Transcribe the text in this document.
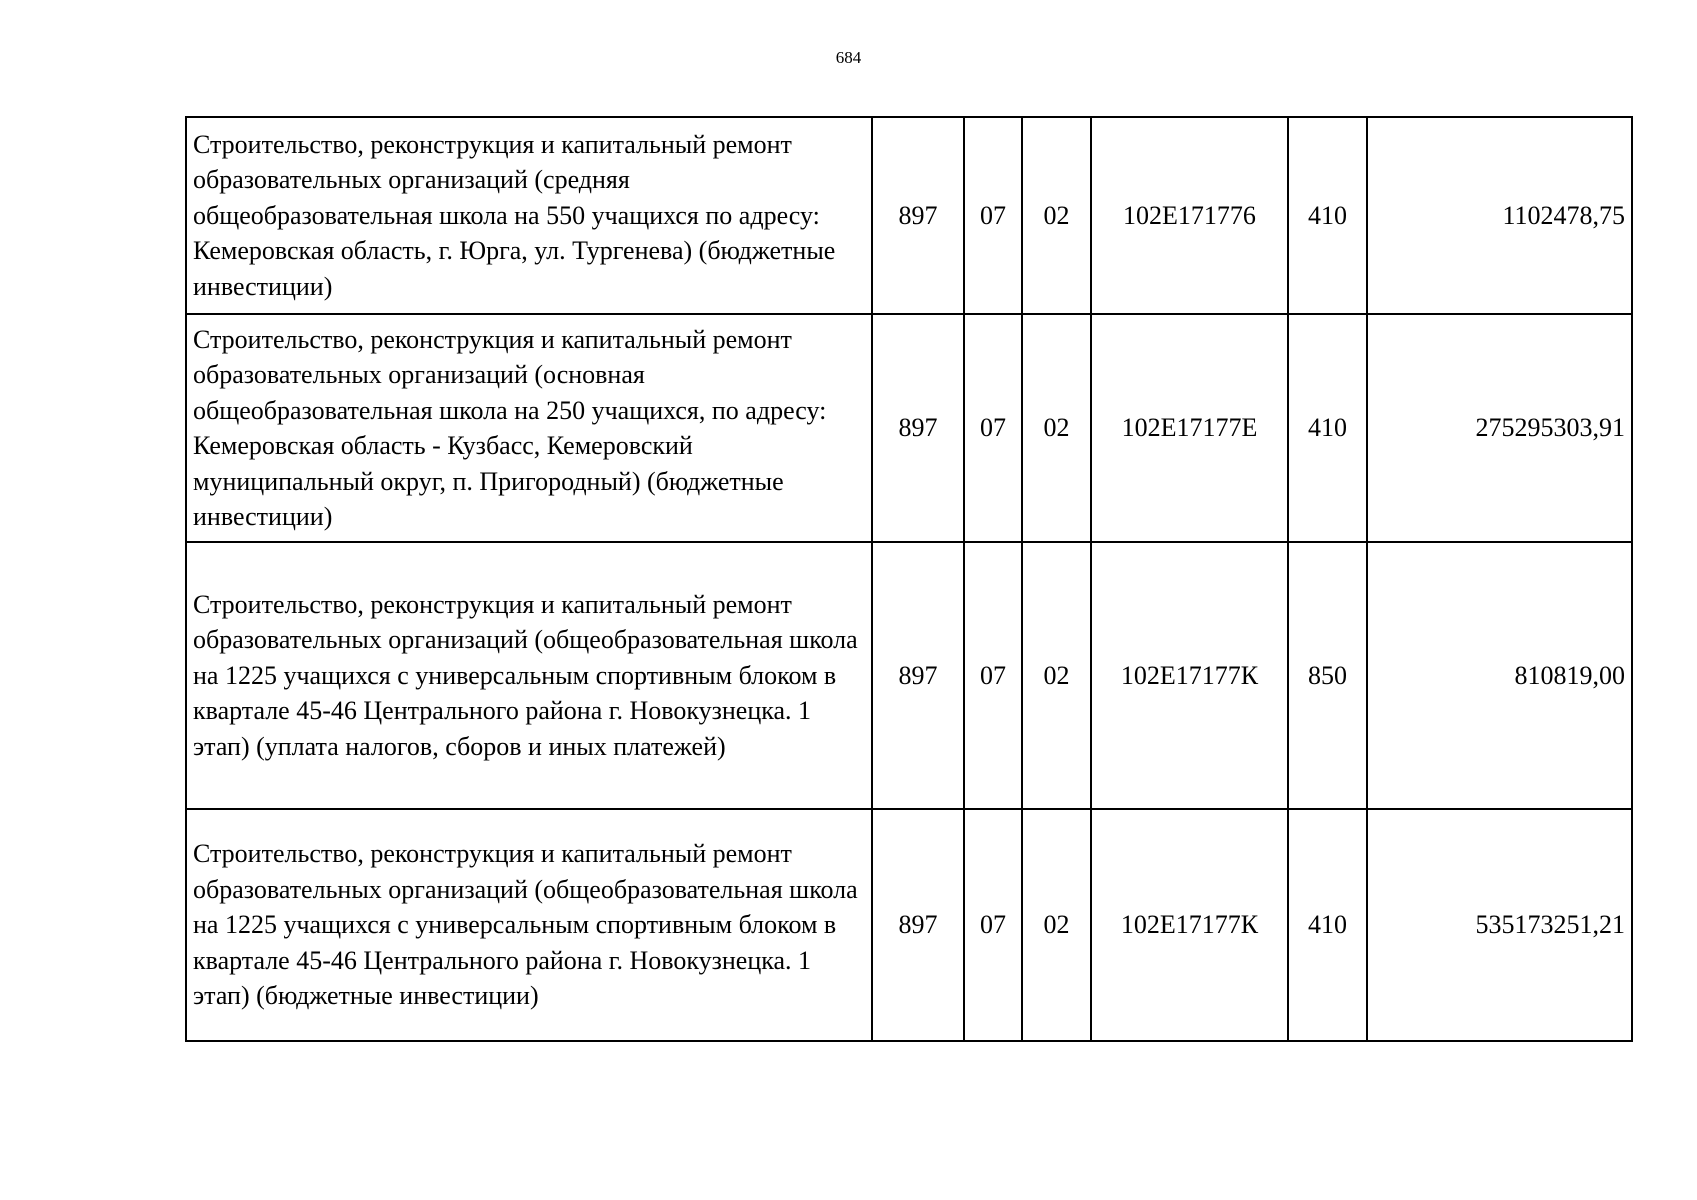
684
Строительство, реконструкция и капитальный ремонт образовательных организаций (средняя общеобразовательная школа на 550 учащихся по адресу: Кемеровская область, г. Юрга, ул. Тургенева) (бюджетные инвестиции)	897	07	02	102E171776	410	1102478,75
Строительство, реконструкция и капитальный ремонт образовательных организаций (основная общеобразовательная школа на 250 учащихся, по адресу: Кемеровская область - Кузбасс, Кемеровский муниципальный округ, п. Пригородный) (бюджетные инвестиции)	897	07	02	102E17177E	410	275295303,91
Строительство, реконструкция и капитальный ремонт образовательных организаций (общеобразовательная школа на 1225 учащихся с универсальным спортивным блоком в квартале 45-46 Центрального района г. Новокузнецка. 1 этап) (уплата налогов, сборов и иных платежей)	897	07	02	102E17177К	850	810819,00
Строительство, реконструкция и капитальный ремонт образовательных организаций (общеобразовательная школа на 1225 учащихся с универсальным спортивным блоком в квартале 45-46 Центрального района г. Новокузнецка. 1 этап) (бюджетные инвестиции)	897	07	02	102E17177К	410	535173251,21
